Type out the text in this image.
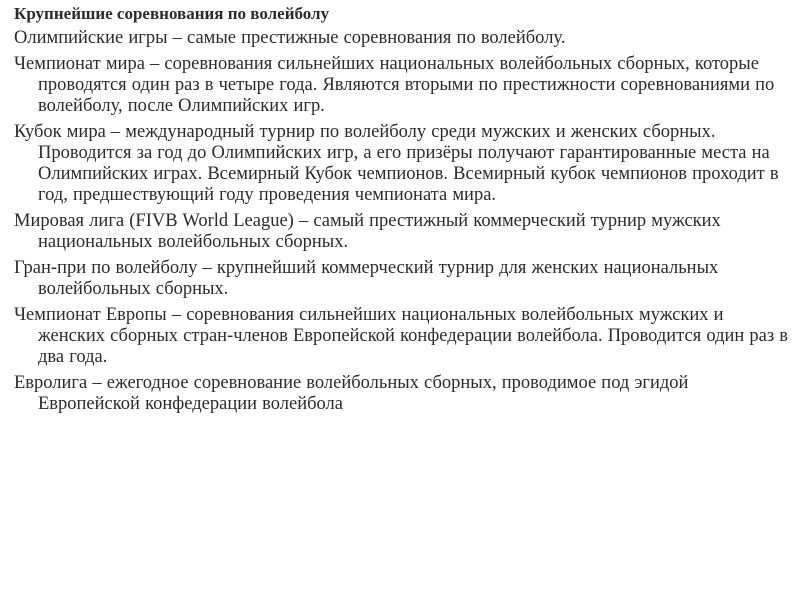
Крупнейшие соревнования по волейболу
Олимпийские игры – самые престижные соревнования по волейболу.
Чемпионат мира – соревнования сильнейших национальных волейбольных сборных, которые проводятся один раз в четыре года. Являются вторыми по престижности соревнованиями по волейболу, после Олимпийских игр.
Кубок мира – международный турнир по волейболу среди мужских и женских сборных. Проводится за год до Олимпийских игр, а его призёры получают гарантированные места на Олимпийских играх. Всемирный Кубок чемпионов. Всемирный кубок чемпионов проходит в год, предшествующий году проведения чемпионата мира.
Мировая лига (FIVB World League) – самый престижный коммерческий турнир мужских национальных волейбольных сборных.
Гран-при по волейболу – крупнейший коммерческий турнир для женских национальных волейбольных сборных.
Чемпионат Европы – соревнования сильнейших национальных волейбольных мужских и женских сборных стран-членов Европейской конфедерации волейбола. Проводится один раз в два года.
Евролига – ежегодное соревнование волейбольных сборных, проводимое под эгидой Европейской конфедерации волейбола
